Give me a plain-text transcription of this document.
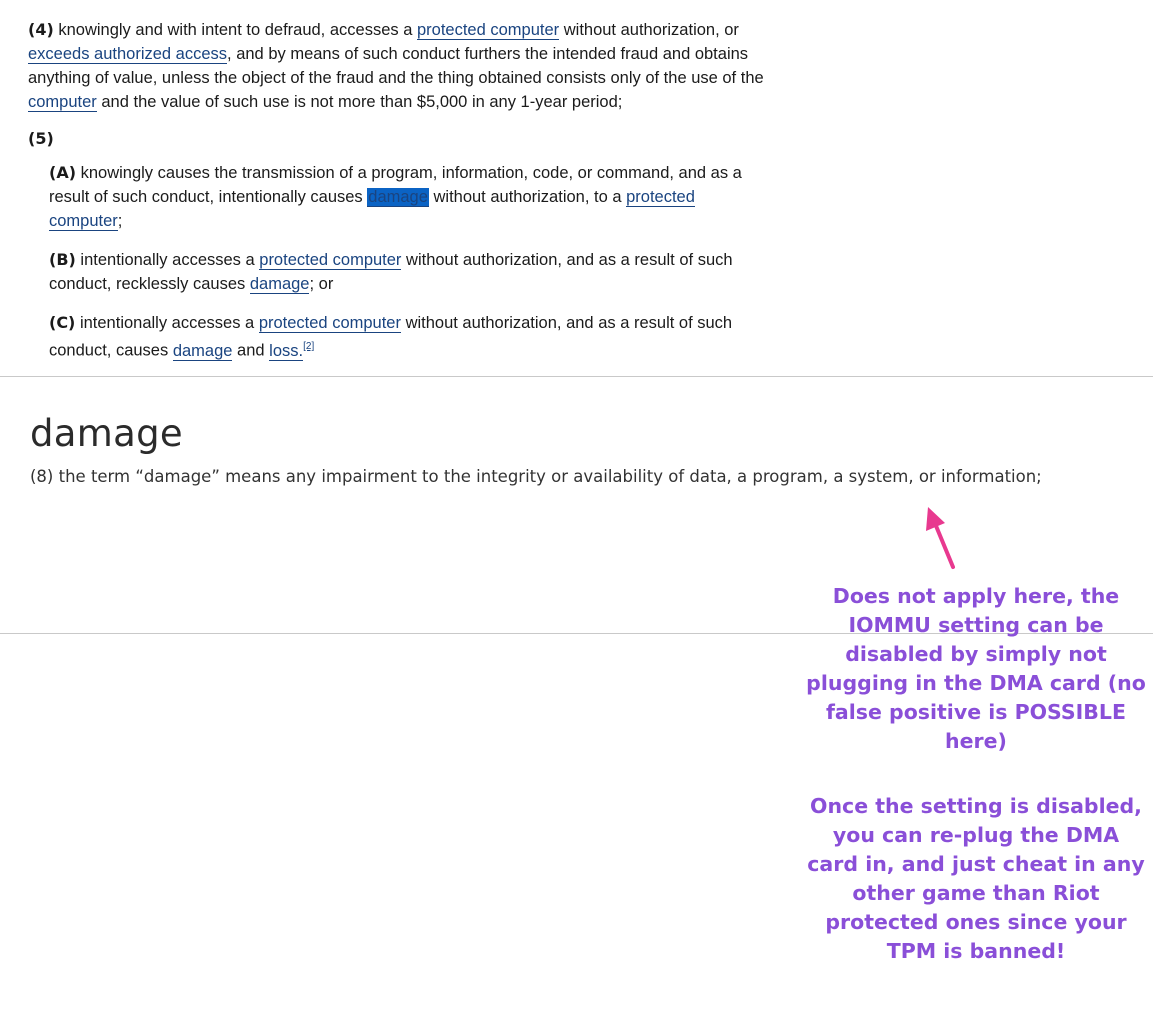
(4) knowingly and with intent to defraud, accesses a protected computer without authorization, or exceeds authorized access, and by means of such conduct furthers the intended fraud and obtains anything of value, unless the object of the fraud and the thing obtained consists only of the use of the computer and the value of such use is not more than $5,000 in any 1-year period;

(5)

(A) knowingly causes the transmission of a program, information, code, or command, and as a result of such conduct, intentionally causes damage without authorization, to a protected computer;

(B) intentionally accesses a protected computer without authorization, and as a result of such conduct, recklessly causes damage; or

(C) intentionally accesses a protected computer without authorization, and as a result of such conduct, causes damage and loss.[2]

damage

(8) the term “damage” means any impairment to the integrity or availability of data, a program, a system, or information;

Does not apply here, the IOMMU setting can be disabled by simply not plugging in the DMA card (no false positive is POSSIBLE here)

Once the setting is disabled, you can re-plug the DMA card in, and just cheat in any other game than Riot protected ones since your TPM is banned!
